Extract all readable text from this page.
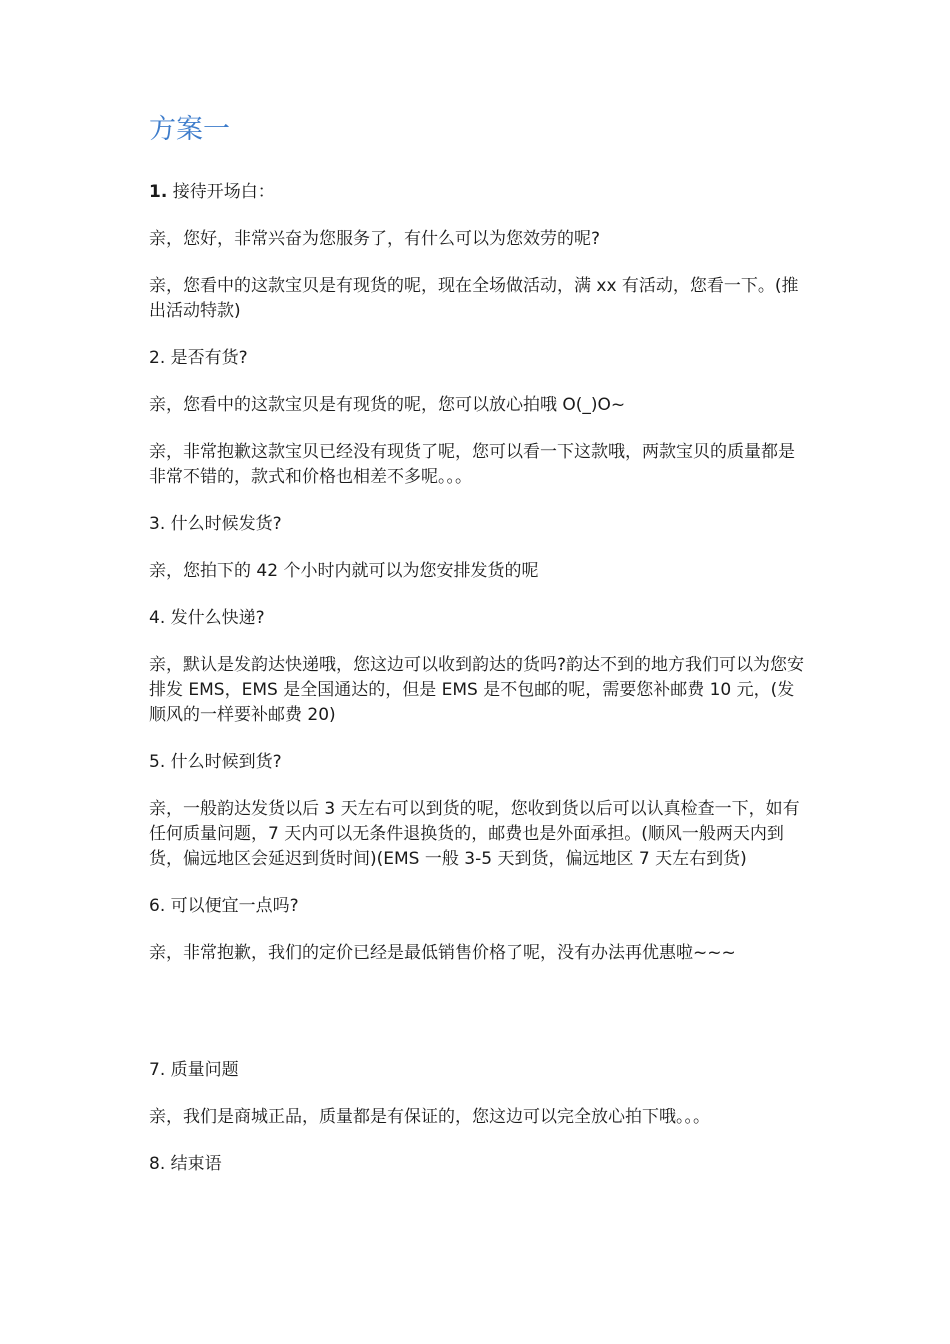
方案一
1. 接待开场白：

亲，您好，非常兴奋为您服务了，有什么可以为您效劳的呢?

亲，您看中的这款宝贝是有现货的呢，现在全场做活动，满 xx 有活动，您看一下。(推出活动特款)

2. 是否有货?

亲，您看中的这款宝贝是有现货的呢，您可以放心拍哦 O(_)O~

亲，非常抱歉这款宝贝已经没有现货了呢，您可以看一下这款哦，两款宝贝的质量都是非常不错的，款式和价格也相差不多呢。。。

3. 什么时候发货?

亲，您拍下的 42 个小时内就可以为您安排发货的呢

4. 发什么快递?

亲，默认是发韵达快递哦，您这边可以收到韵达的货吗?韵达不到的地方我们可以为您安排发 EMS，EMS 是全国通达的，但是 EMS 是不包邮的呢，需要您补邮费 10 元，(发顺风的一样要补邮费 20)

5. 什么时候到货?

亲，一般韵达发货以后 3 天左右可以到货的呢，您收到货以后可以认真检查一下，如有任何质量问题，7 天内可以无条件退换货的，邮费也是外面承担。(顺风一般两天内到货，偏远地区会延迟到货时间)(EMS 一般 3-5 天到货，偏远地区 7 天左右到货)

6. 可以便宜一点吗?

亲，非常抱歉，我们的定价已经是最低销售价格了呢，没有办法再优惠啦~~~

7. 质量问题

亲，我们是商城正品，质量都是有保证的，您这边可以完全放心拍下哦。。。

8. 结束语
